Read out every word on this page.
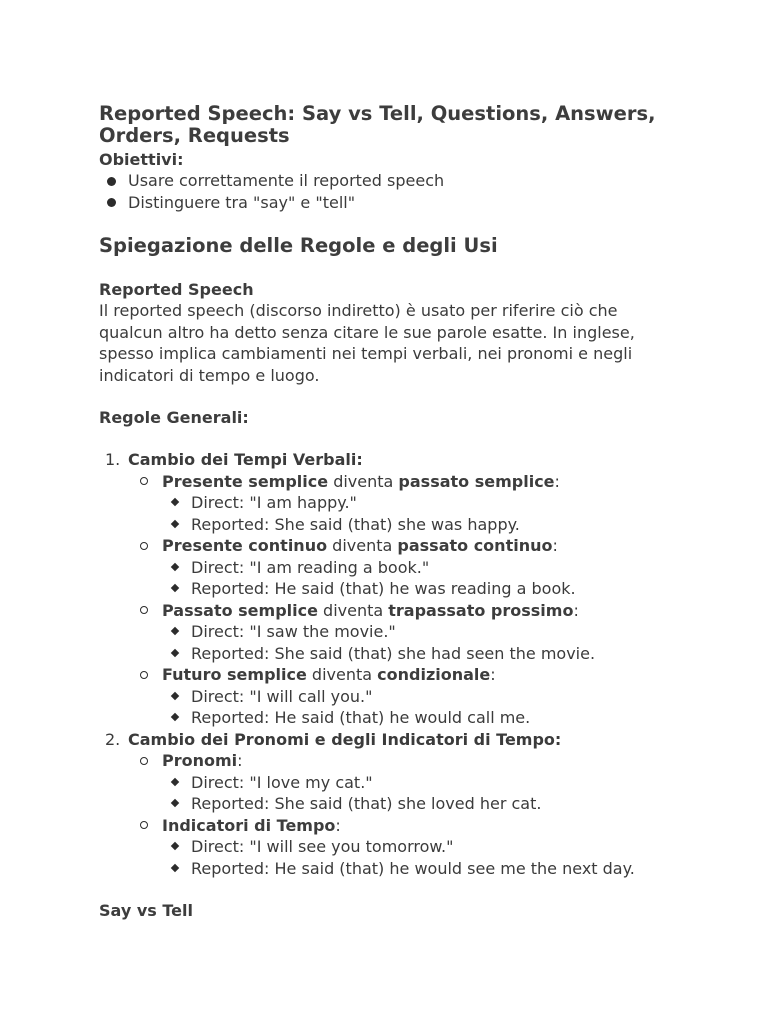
Reported Speech: Say vs Tell, Questions, Answers, Orders, Requests

Obiettivi:

Usare correttamente il reported speech
Distinguere tra "say" e "tell"
Spiegazione delle Regole e degli Usi

Reported Speech

Il reported speech (discorso indiretto) è usato per riferire ciò che qualcun altro ha detto senza citare le sue parole esatte. In inglese, spesso implica cambiamenti nei tempi verbali, nei pronomi e negli indicatori di tempo e luogo.

Regole Generali:

1. Cambio dei Tempi Verbali:
Presente semplice diventa passato semplice:
Direct: "I am happy."
Reported: She said (that) she was happy.
Presente continuo diventa passato continuo:
Direct: "I am reading a book."
Reported: He said (that) he was reading a book.
Passato semplice diventa trapassato prossimo:
Direct: "I saw the movie."
Reported: She said (that) she had seen the movie.
Futuro semplice diventa condizionale:
Direct: "I will call you."
Reported: He said (that) he would call me.
2. Cambio dei Pronomi e degli Indicatori di Tempo:
Pronomi:
Direct: "I love my cat."
Reported: She said (that) she loved her cat.
Indicatori di Tempo:
Direct: "I will see you tomorrow."
Reported: He said (that) he would see me the next day.

Say vs Tell
